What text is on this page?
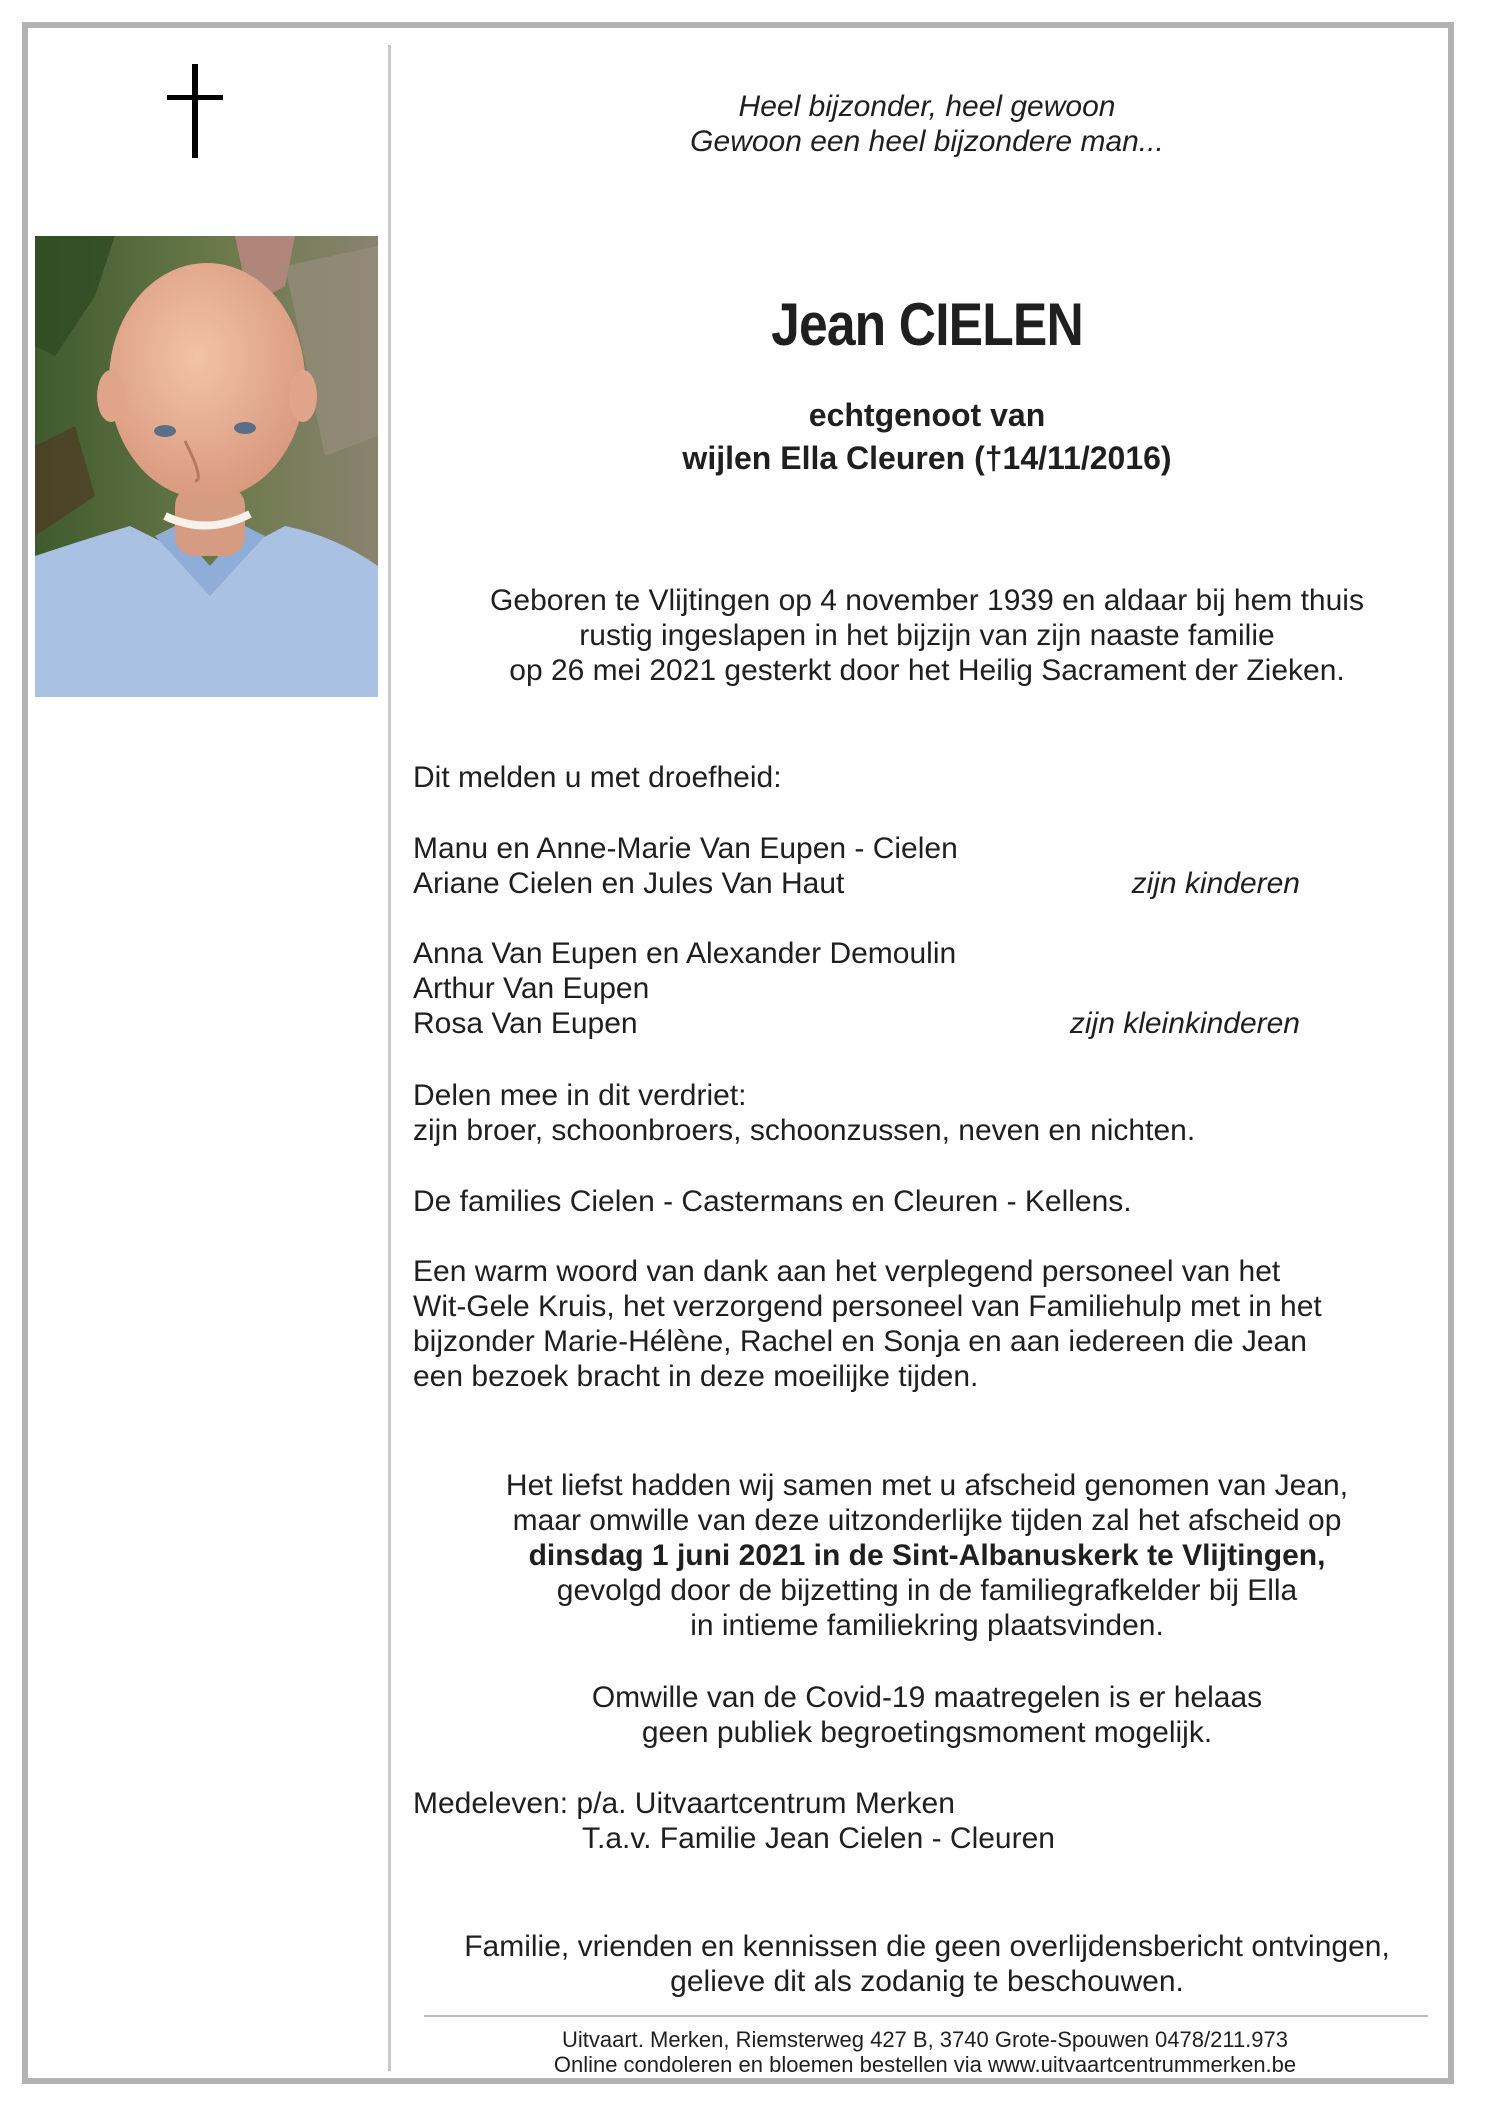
Heel bijzonder, heel gewoon
Gewoon een heel bijzondere man...
Jean CIELEN
echtgenoot van
wijlen Ella Cleuren (†14/11/2016)
Geboren te Vlijtingen op 4 november 1939 en aldaar bij hem thuis
rustig ingeslapen in het bijzijn van zijn naaste familie
op 26 mei 2021 gesterkt door het Heilig Sacrament der Zieken.
Dit melden u met droefheid:
Manu en Anne-Marie Van Eupen - Cielen
Ariane Cielen en Jules Van Haut	zijn kinderen
Anna Van Eupen en Alexander Demoulin
Arthur Van Eupen
Rosa Van Eupen	zijn kleinkinderen
Delen mee in dit verdriet:
zijn broer, schoonbroers, schoonzussen, neven en nichten.
De families Cielen - Castermans en Cleuren - Kellens.
Een warm woord van dank aan het verplegend personeel van het
Wit-Gele Kruis, het verzorgend personeel van Familiehulp met in het
bijzonder Marie-Hélène, Rachel en Sonja en aan iedereen die Jean
een bezoek bracht in deze moeilijke tijden.
Het liefst hadden wij samen met u afscheid genomen van Jean,
maar omwille van deze uitzonderlijke tijden zal het afscheid op
dinsdag 1 juni 2021 in de Sint-Albanuskerk te Vlijtingen,
gevolgd door de bijzetting in de familiegrafkelder bij Ella
in intieme familiekring plaatsvinden.
Omwille van de Covid-19 maatregelen is er helaas
geen publiek begroetingsmoment mogelijk.
Medeleven: p/a. Uitvaartcentrum Merken
T.a.v. Familie Jean Cielen - Cleuren
Familie, vrienden en kennissen die geen overlijdensbericht ontvingen,
gelieve dit als zodanig te beschouwen.
Uitvaart. Merken, Riemsterweg 427 B, 3740 Grote-Spouwen 0478/211.973
Online condoleren en bloemen bestellen via www.uitvaartcentrummerken.be
